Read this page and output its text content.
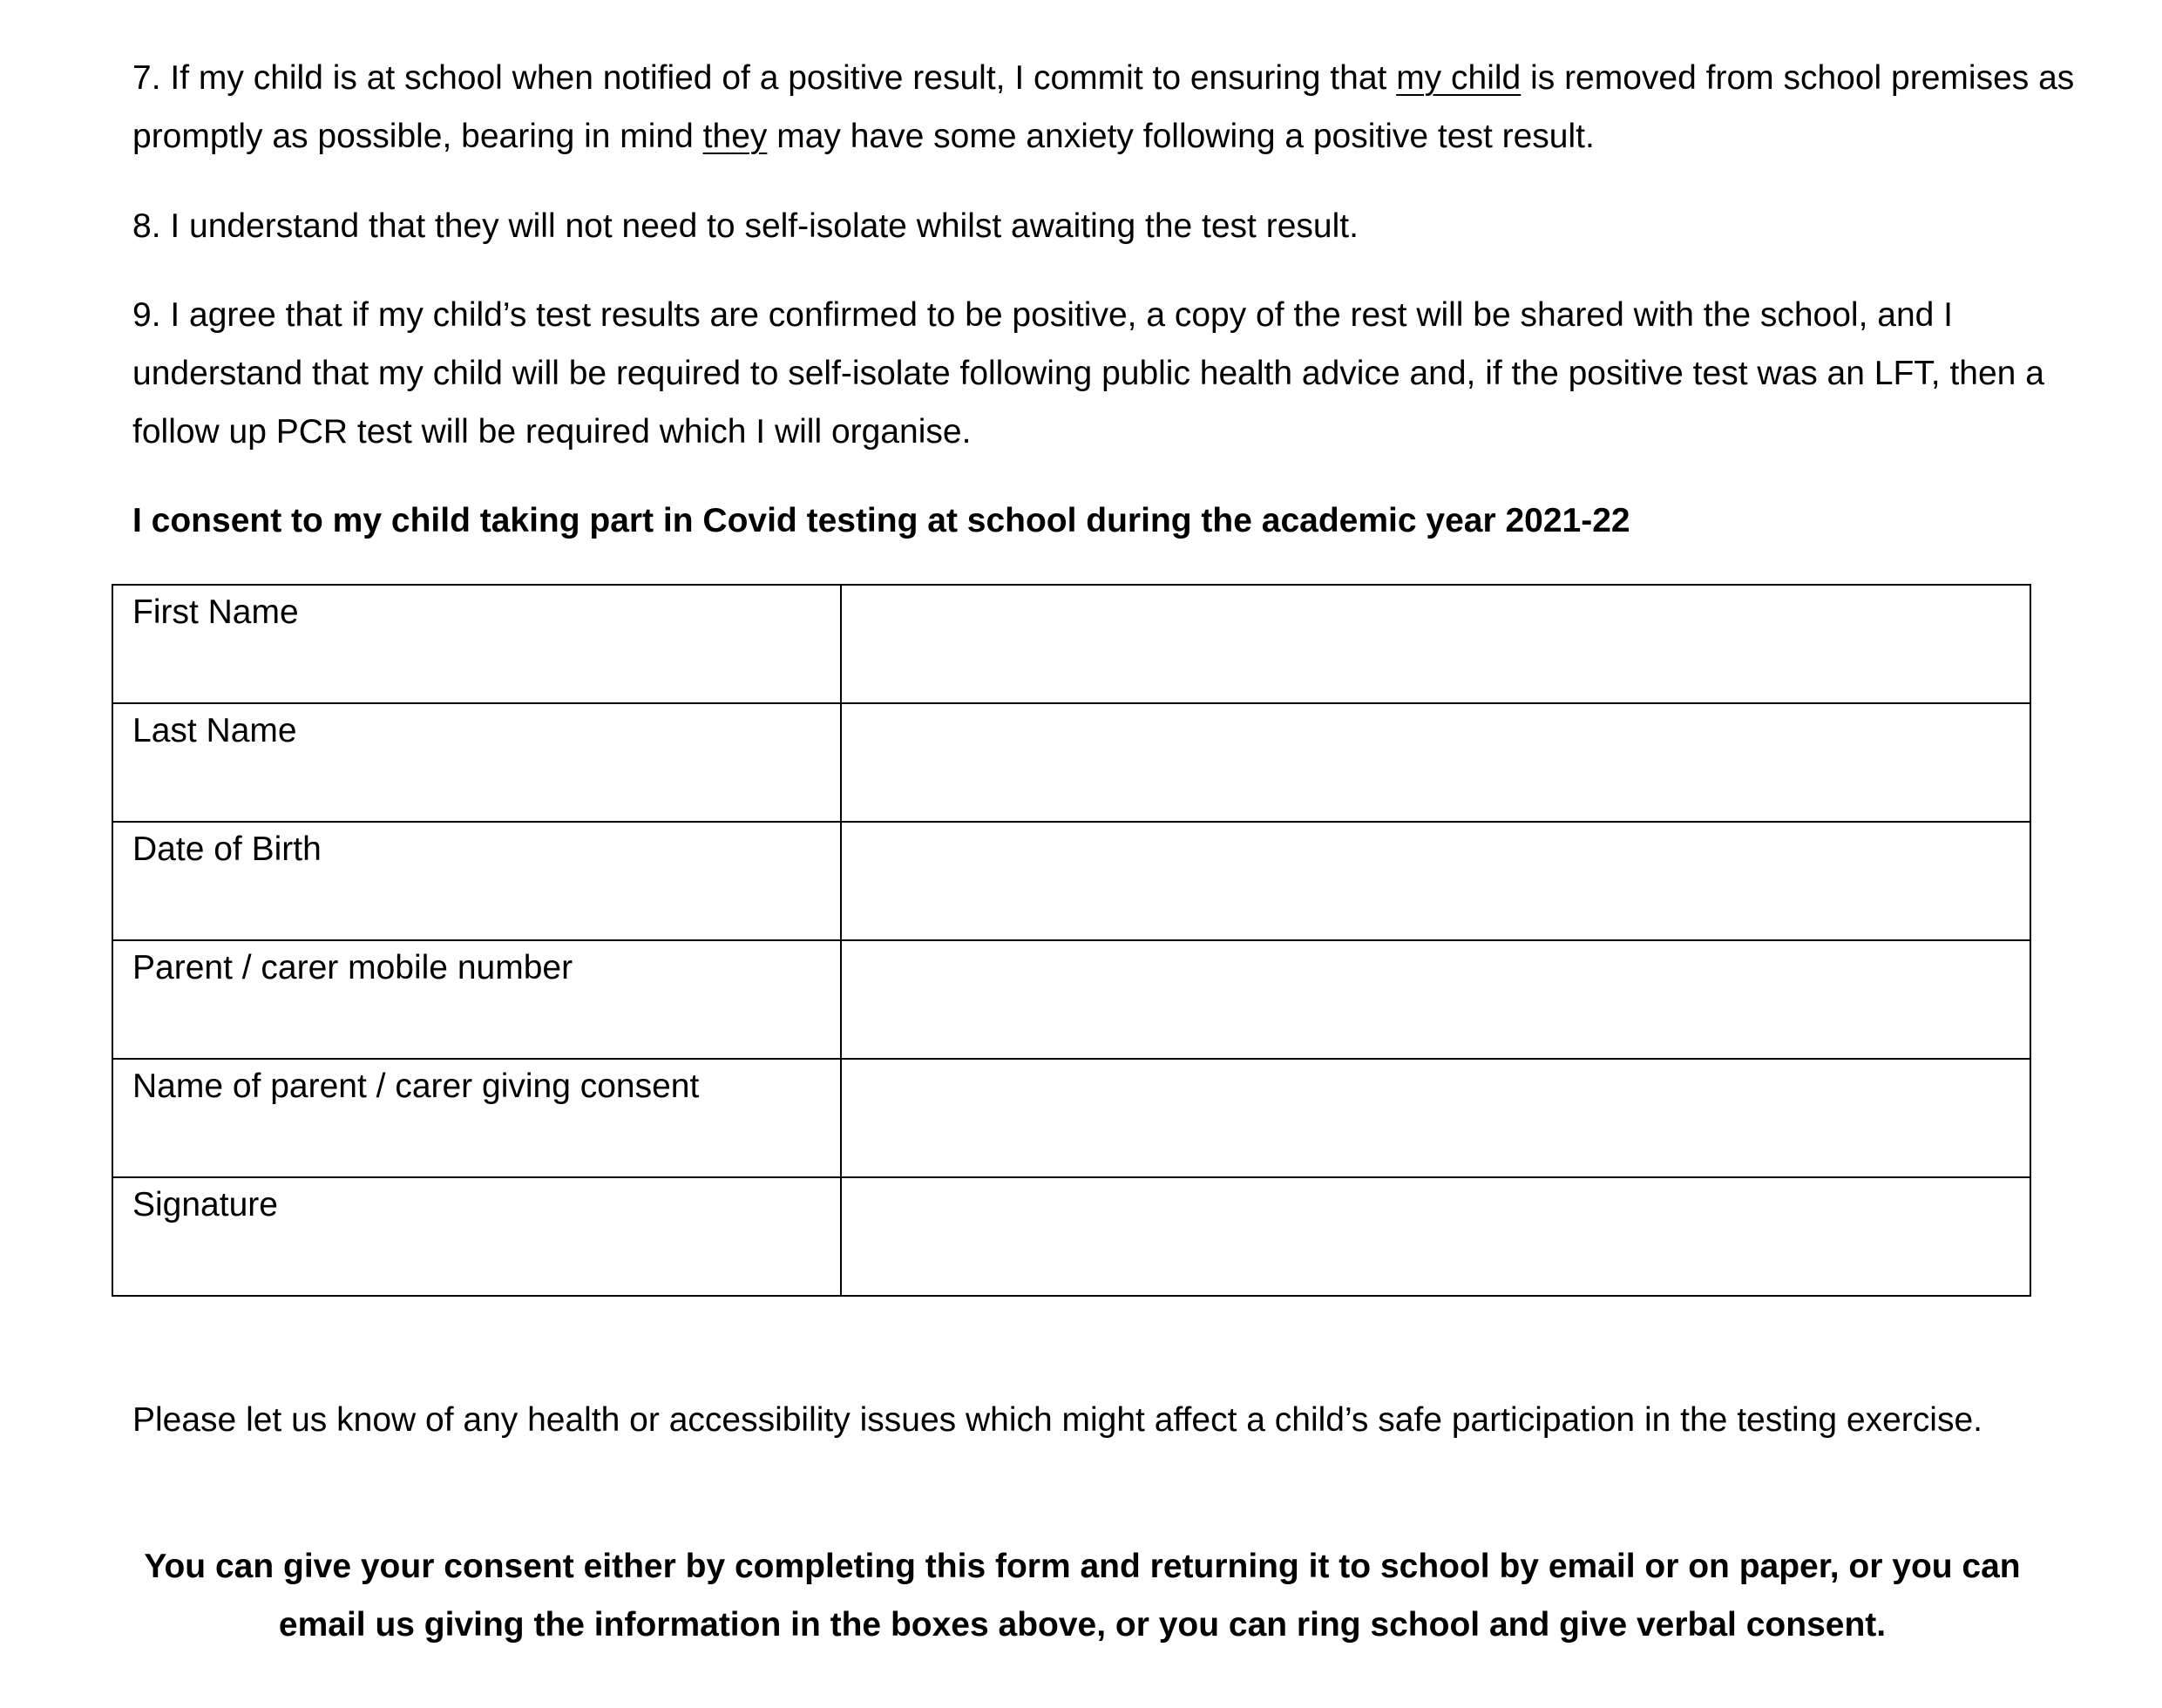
7. If my child is at school when notified of a positive result, I commit to ensuring that my child is removed from school premises as promptly as possible, bearing in mind they may have some anxiety following a positive test result.

8. I understand that they will not need to self-isolate whilst awaiting the test result.

9. I agree that if my child’s test results are confirmed to be positive, a copy of the rest will be shared with the school, and I understand that my child will be required to self-isolate following public health advice and, if the positive test was an LFT, then a follow up PCR test will be required which I will organise.

I consent to my child taking part in Covid testing at school during the academic year 2021-22

First Name	

Last Name	

Date of Birth	

Parent / carer mobile number	

Name of parent / carer giving consent	

Signature	

Please let us know of any health or accessibility issues which might affect a child’s safe participation in the testing exercise.

You can give your consent either by completing this form and returning it to school by email or on paper, or you can email us giving the information in the boxes above, or you can ring school and give verbal consent.
